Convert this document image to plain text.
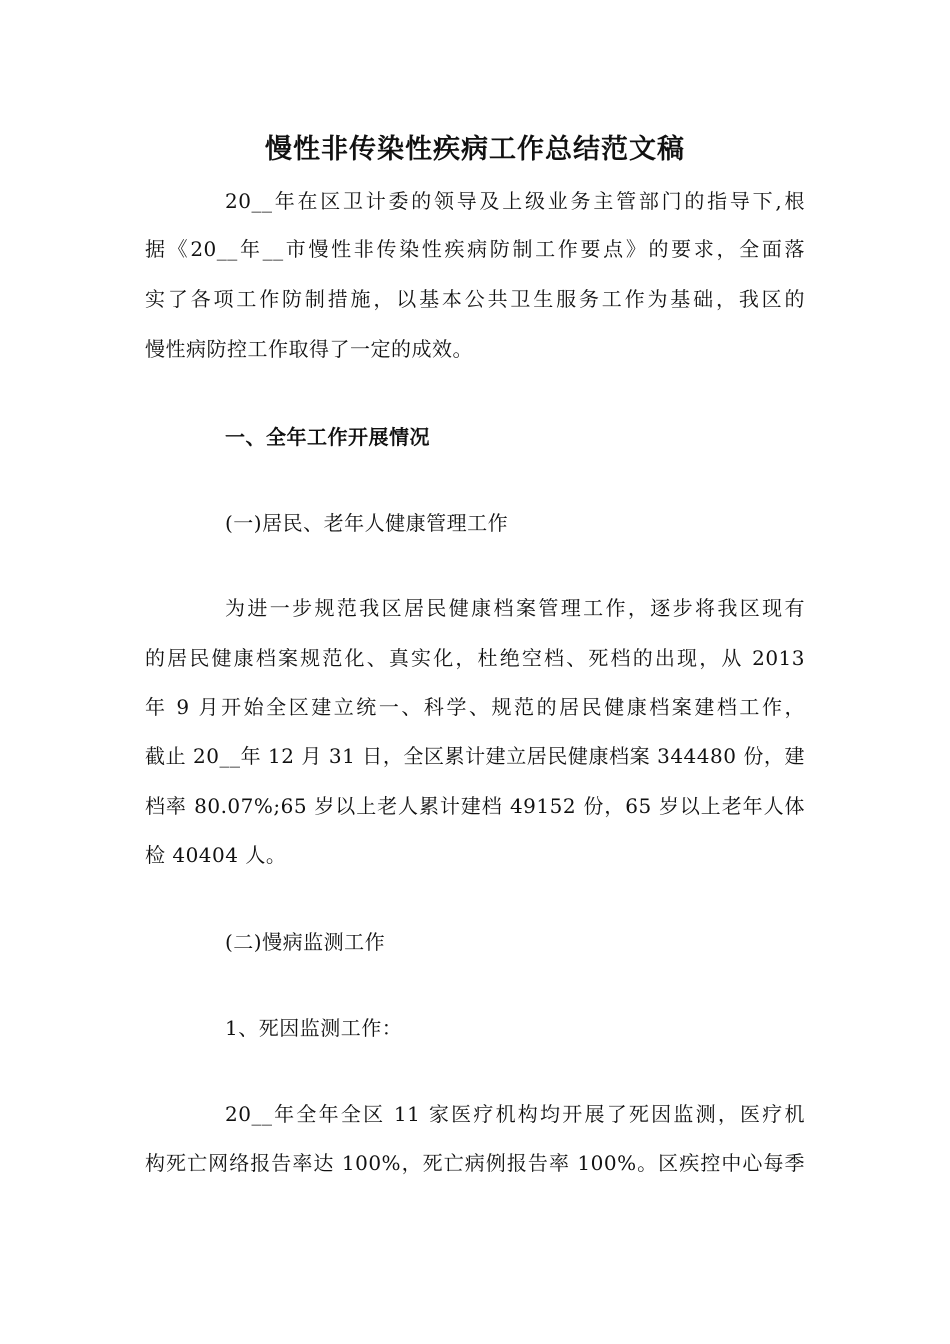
慢性非传染性疾病工作总结范文稿
20__年在区卫计委的领导及上级业务主管部门的指导下,根
据《20__年__市慢性非传染性疾病防制工作要点》的要求，全面落
实了各项工作防制措施，以基本公共卫生服务工作为基础，我区的
慢性病防控工作取得了一定的成效。
一、全年工作开展情况
(一)居民、老年人健康管理工作
为进一步规范我区居民健康档案管理工作，逐步将我区现有
的居民健康档案规范化、真实化，杜绝空档、死档的出现，从 2013
年 9 月开始全区建立统一、科学、规范的居民健康档案建档工作，
截止 20__年 12 月 31 日，全区累计建立居民健康档案 344480 份，建
档率 80.07%;65 岁以上老人累计建档 49152 份，65 岁以上老年人体
检 40404 人。
(二)慢病监测工作
1、死因监测工作：
20__年全年全区 11 家医疗机构均开展了死因监测，医疗机
构死亡网络报告率达 100%，死亡病例报告率 100%。区疾控中心每季
